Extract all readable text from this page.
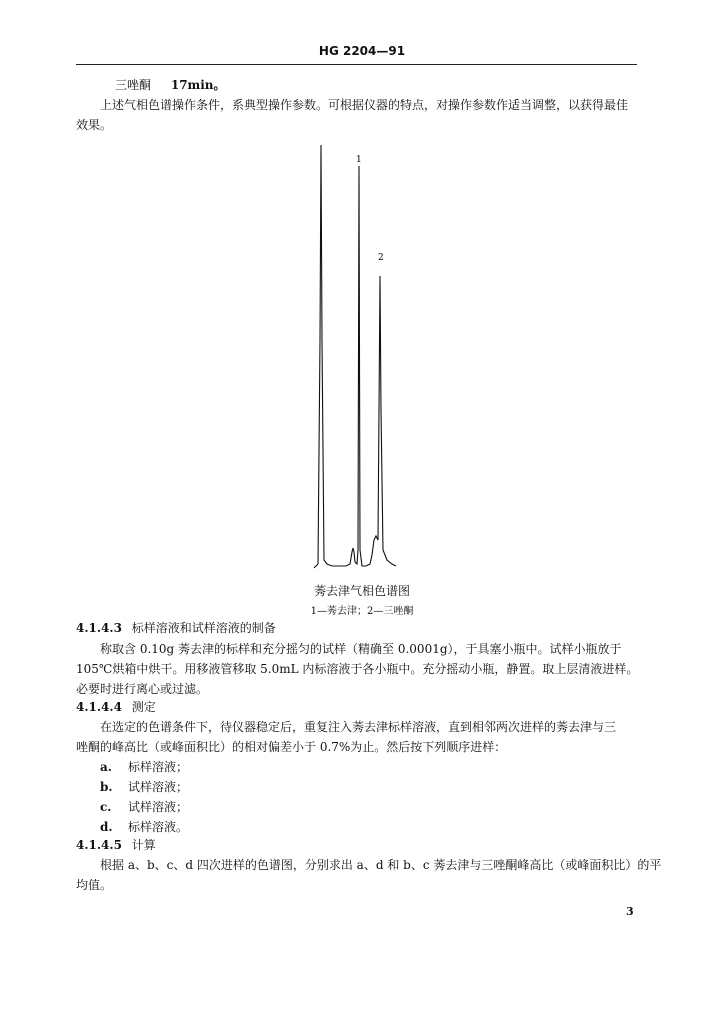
HG 2204—91
三唑酮 17min。
上述气相色谱操作条件，系典型操作参数。可根据仪器的特点，对操作参数作适当调整，以获得最佳
效果。
1
2
莠去津气相色谱图
1—莠去津；2—三唑酮
4.1.4.3 标样溶液和试样溶液的制备
称取含 0.10g 莠去津的标样和充分摇匀的试样（精确至 0.0001g），于具塞小瓶中。试样小瓶放于
105℃烘箱中烘干。用移液管移取 5.0mL 内标溶液于各小瓶中。充分摇动小瓶，静置。取上层清液进样。
必要时进行离心或过滤。
4.1.4.4 测定
在选定的色谱条件下，待仪器稳定后，重复注入莠去津标样溶液，直到相邻两次进样的莠去津与三
唑酮的峰高比（或峰面积比）的相对偏差小于 0.7%为止。然后按下列顺序进样：
a. 标样溶液；
b. 试样溶液；
c. 试样溶液；
d. 标样溶液。
4.1.4.5 计算
根据 a、b、c、d 四次进样的色谱图，分别求出 a、d 和 b、c 莠去津与三唑酮峰高比（或峰面积比）的平
均值。
3
